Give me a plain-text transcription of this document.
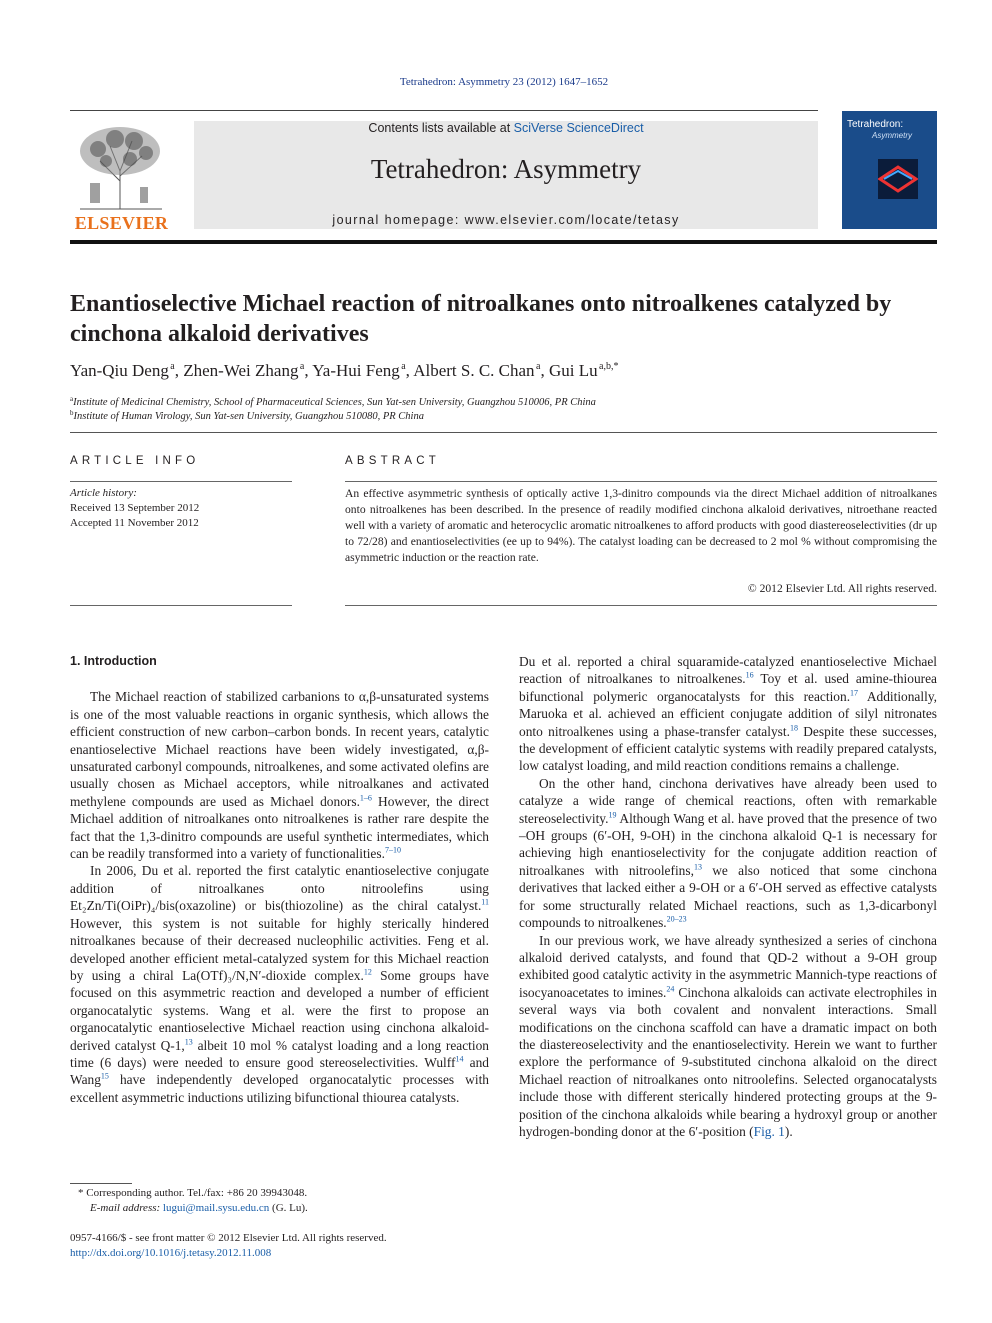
Tetrahedron: Asymmetry 23 (2012) 1647–1652
ELSEVIER
Contents lists available at SciVerse ScienceDirect
Tetrahedron: Asymmetry
journal homepage: www.elsevier.com/locate/tetasy
Tetrahedron:
Asymmetry
Enantioselective Michael reaction of nitroalkanes onto nitroalkenes catalyzed by cinchona alkaloid derivatives
Yan-Qiu Deng $^a$, Zhen-Wei Zhang $^a$, Ya-Hui Feng $^a$, Albert S. C. Chan $^a$, Gui Lu $^{a,b,*}$
$^a$Institute of Medicinal Chemistry, School of Pharmaceutical Sciences, Sun Yat-sen University, Guangzhou 510006, PR China
$^b$Institute of Human Virology, Sun Yat-sen University, Guangzhou 510080, PR China
ARTICLE INFO
Article history:
Received 13 September 2012
Accepted 11 November 2012
ABSTRACT
An effective asymmetric synthesis of optically active 1,3-dinitro compounds via the direct Michael addition of nitroalkanes onto nitroalkenes has been described. In the presence of readily modified cinchona alkaloid derivatives, nitroethane reacted well with a variety of aromatic and heterocyclic aromatic nitroalkenes to afford products with good diastereoselectivities (dr up to 72/28) and enantioselectivities (ee up to 94%). The catalyst loading can be decreased to 2 mol % without compromising the asymmetric induction or the reaction rate.
© 2012 Elsevier Ltd. All rights reserved.

1. Introduction

The Michael reaction of stabilized carbanions to α,β-unsaturated systems is one of the most valuable reactions in organic synthesis, which allows the efficient construction of new carbon–carbon bonds. In recent years, catalytic enantioselective Michael reactions have been widely investigated, α,β-unsaturated carbonyl compounds, nitroalkenes, and some activated olefins are usually chosen as Michael acceptors, while nitroalkanes and activated methylene compounds are used as Michael donors.$^{1-6}$ However, the direct Michael addition of nitroalkanes onto nitroalkenes is rather rare despite the fact that the 1,3-dinitro compounds are useful synthetic intermediates, which can be readily transformed into a variety of functionalities.$^{7-10}$

In 2006, Du et al. reported the first catalytic enantioselective conjugate addition of nitroalkanes onto nitroolefins using Et₂Zn/Ti(OiPr)₄/bis(oxazoline) or bis(thiozoline) as the chiral catalyst.$^{11}$ However, this system is not suitable for highly sterically hindered nitroalkanes because of their decreased nucleophilic activities. Feng et al. developed another efficient metal-catalyzed system for this Michael reaction by using a chiral La(OTf)₃/N,N′-dioxide complex.$^{12}$ Some groups have focused on this asymmetric reaction and developed a number of efficient organocatalytic systems. Wang et al. were the first to propose an organocatalytic enantioselective Michael reaction using cinchona alkaloid-derived catalyst Q-1,13 albeit 10 mol % catalyst loading and a long reaction time (6 days) were needed to ensure good stereoselectivities. Wulff$^{14}$ and Wang$^{15}$ have independently developed organocatalytic processes with excellent asymmetric inductions utilizing bifunctional thiourea catalysts.

Du et al. reported a chiral squaramide-catalyzed enantioselective Michael reaction of nitroalkanes to nitroalkenes.$^{16}$ Toy et al. used amine-thiourea bifunctional polymeric organocatalysts for this reaction.$^{17}$ Additionally, Maruoka et al. achieved an efficient conjugate addition of silyl nitronates onto nitroalkenes using a phase-transfer catalyst.$^{18}$ Despite these successes, the development of efficient catalytic systems with readily prepared catalysts, low catalyst loading, and mild reaction conditions remains a challenge.

On the other hand, cinchona derivatives have already been used to catalyze a wide range of chemical reactions, often with remarkable stereoselectivity.$^{19}$ Although Wang et al. have proved that the presence of two –OH groups (6′-OH, 9-OH) in the cinchona alkaloid Q-1 is necessary for achieving high enantioselectivity for the conjugate addition reaction of nitroalkanes with nitroolefins,$^{13}$ we also noticed that some cinchona derivatives that lacked either a 9-OH or a 6′-OH served as effective catalysts for some structurally related Michael reactions, such as 1,3-dicarbonyl compounds to nitroalkenes.$^{20-23}$

In our previous work, we have already synthesized a series of cinchona alkaloid derived catalysts, and found that QD-2 without a 9-OH group exhibited good catalytic activity in the asymmetric Mannich-type reactions of isocyanoacetates to imines.$^{24}$ Cinchona alkaloids can activate electrophiles in several ways via both covalent and nonvalent interactions. Small modifications on the cinchona scaffold can have a dramatic impact on both the diastereoselectivity and the enantioselectivity. Herein we want to further explore the performance of 9-substituted cinchona alkaloid on the direct Michael reaction of nitroalkanes onto nitroolefins. Selected organocatalysts include those with different sterically hindered protecting groups at the 9-position of the cinchona alkaloids while bearing a hydroxyl group or another hydrogen-bonding donor at the 6′-position (Fig. 1).

* Corresponding author. Tel./fax: +86 20 39943048.
E-mail address: lugui@mail.sysu.edu.cn (G. Lu).
0957-4166/$ - see front matter © 2012 Elsevier Ltd. All rights reserved.
http://dx.doi.org/10.1016/j.tetasy.2012.11.008
